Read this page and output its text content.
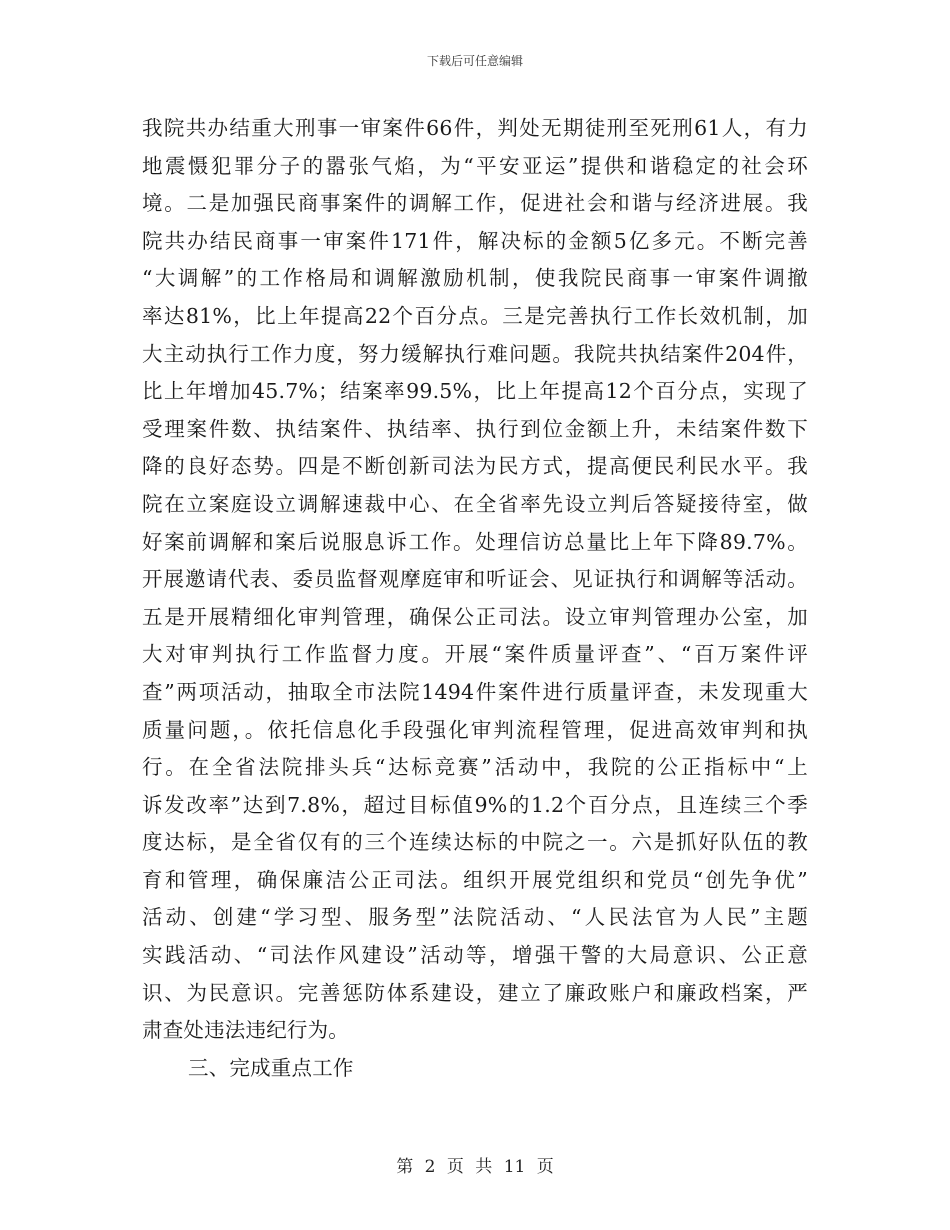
下载后可任意编辑
我院共办结重大刑事一审案件66件，判处无期徒刑至死刑61人，有力
地震慑犯罪分子的嚣张气焰，为“平安亚运”提供和谐稳定的社会环
境。二是加强民商事案件的调解工作，促进社会和谐与经济进展。我
院共办结民商事一审案件171件，解决标的金额5亿多元。不断完善
“大调解”的工作格局和调解激励机制，使我院民商事一审案件调撤
率达81%，比上年提高22个百分点。三是完善执行工作长效机制，加
大主动执行工作力度，努力缓解执行难问题。我院共执结案件204件，
比上年增加45.7%；结案率99.5%，比上年提高12个百分点，实现了
受理案件数、执结案件、执结率、执行到位金额上升，未结案件数下
降的良好态势。四是不断创新司法为民方式，提高便民利民水平。我
院在立案庭设立调解速裁中心、在全省率先设立判后答疑接待室，做
好案前调解和案后说服息诉工作。处理信访总量比上年下降89.7%。
开展邀请代表、委员监督观摩庭审和听证会、见证执行和调解等活动。
五是开展精细化审判管理，确保公正司法。设立审判管理办公室，加
大对审判执行工作监督力度。开展“案件质量评查”、“百万案件评
查”两项活动，抽取全市法院1494件案件进行质量评查，未发现重大
质量问题，。依托信息化手段强化审判流程管理，促进高效审判和执
行。在全省法院排头兵“达标竞赛”活动中，我院的公正指标中“上
诉发改率”达到7.8%，超过目标值9%的1.2个百分点，且连续三个季
度达标，是全省仅有的三个连续达标的中院之一。六是抓好队伍的教
育和管理，确保廉洁公正司法。组织开展党组织和党员“创先争优”
活动、创建“学习型、服务型”法院活动、“人民法官为人民”主题
实践活动、“司法作风建设”活动等，增强干警的大局意识、公正意
识、为民意识。完善惩防体系建设，建立了廉政账户和廉政档案，严
肃查处违法违纪行为。
三、完成重点工作
第 2 页 共 11 页
